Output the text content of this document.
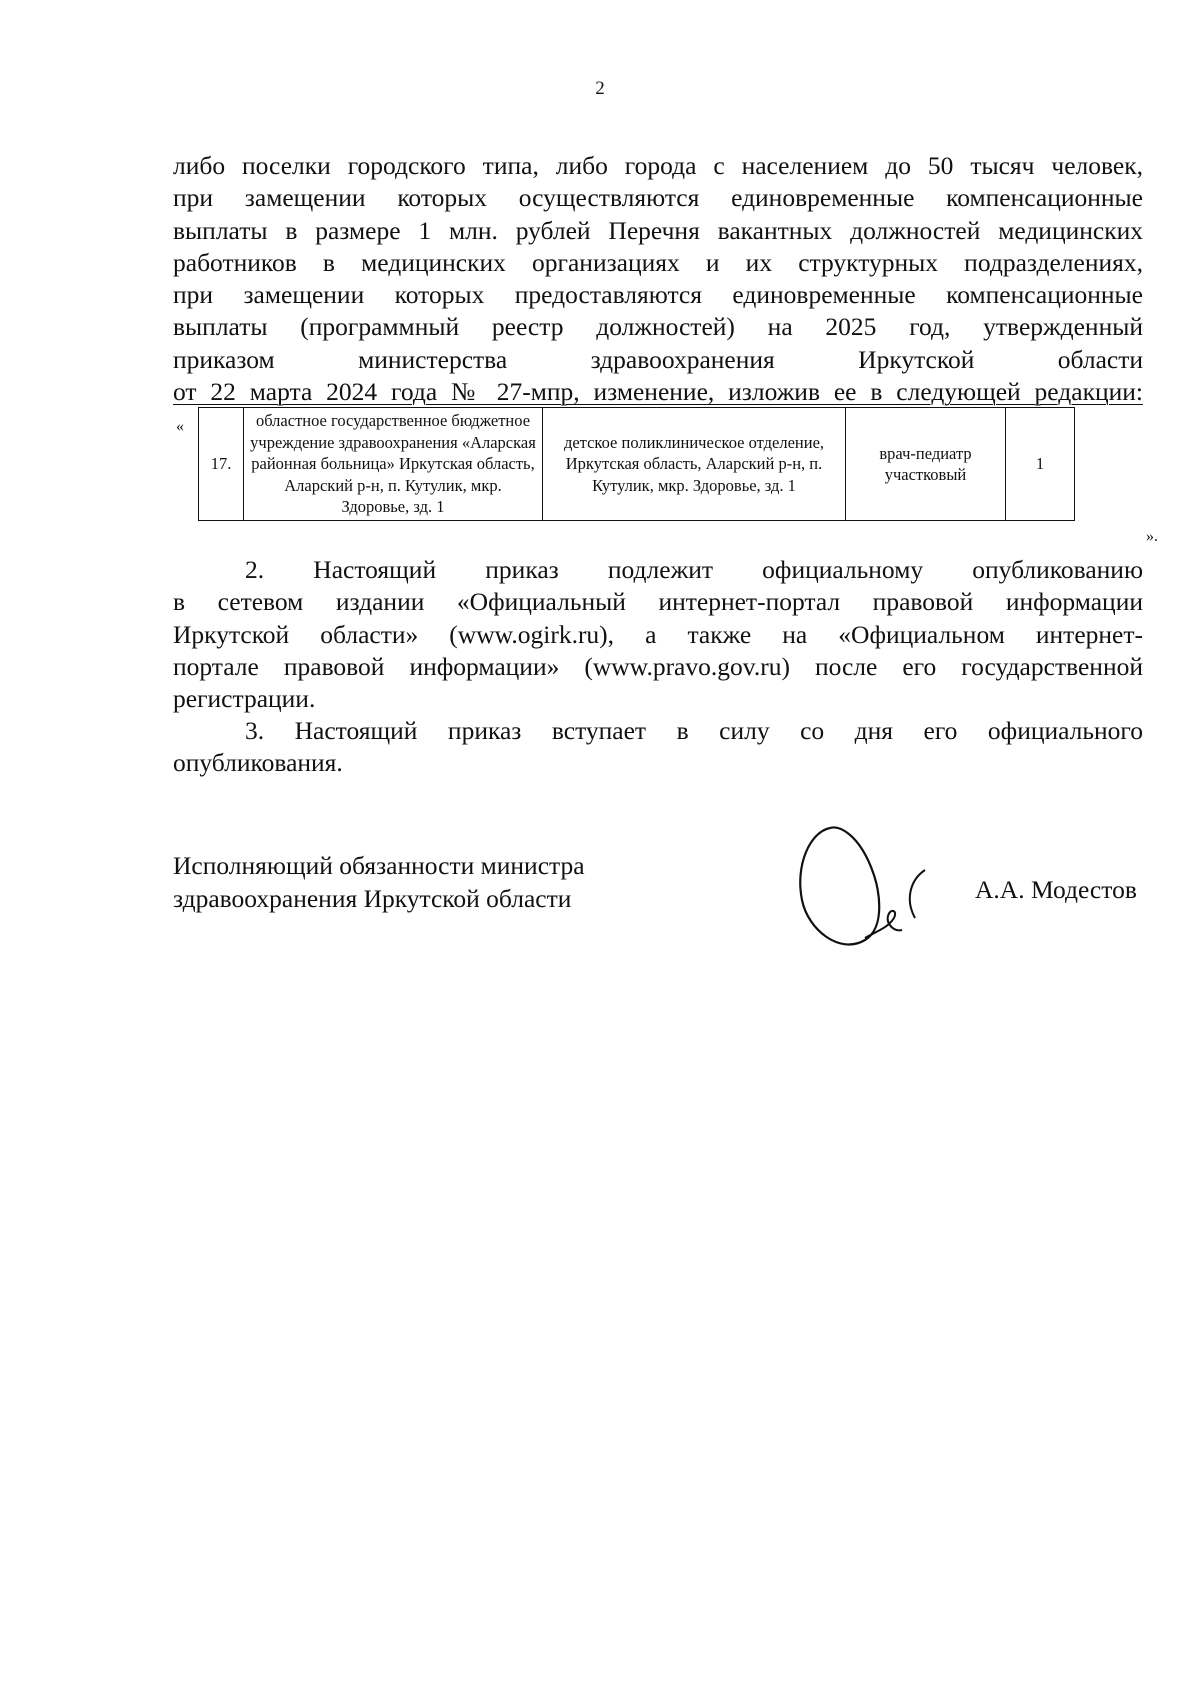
2
либо поселки городского типа, либо города с населением до 50 тысяч человек,
при замещении которых осуществляются единовременные компенсационные
выплаты в размере 1 млн. рублей Перечня вакантных должностей медицинских
работников в медицинских организациях и их структурных подразделениях,
при замещении которых предоставляются единовременные компенсационные
выплаты (программный реестр должностей) на 2025 год, утвержденный
приказом министерства здравоохранения Иркутской области
от 22 марта 2024 года № 27-мпр, изменение, изложив ее в следующей редакции:
«
17.	областное государственное бюджетное учреждение здравоохранения «Аларская районная больница» Иркутская область, Аларский р-н, п. Кутулик, мкр. Здоровье, зд. 1	детское поликлиническое отделение, Иркутская область, Аларский р-н, п. Кутулик, мкр. Здоровье, зд. 1	врач-педиатр участковый	1
».
2. Настоящий приказ подлежит официальному опубликованию
в сетевом издании «Официальный интернет-портал правовой информации
Иркутской области» (www.ogirk.ru), а также на «Официальном интернет-
портале правовой информации» (www.pravo.gov.ru) после его государственной
регистрации.
3. Настоящий приказ вступает в силу со дня его официального
опубликования.
Исполняющий обязанности министра
здравоохранения Иркутской области	А.А. Модестов
